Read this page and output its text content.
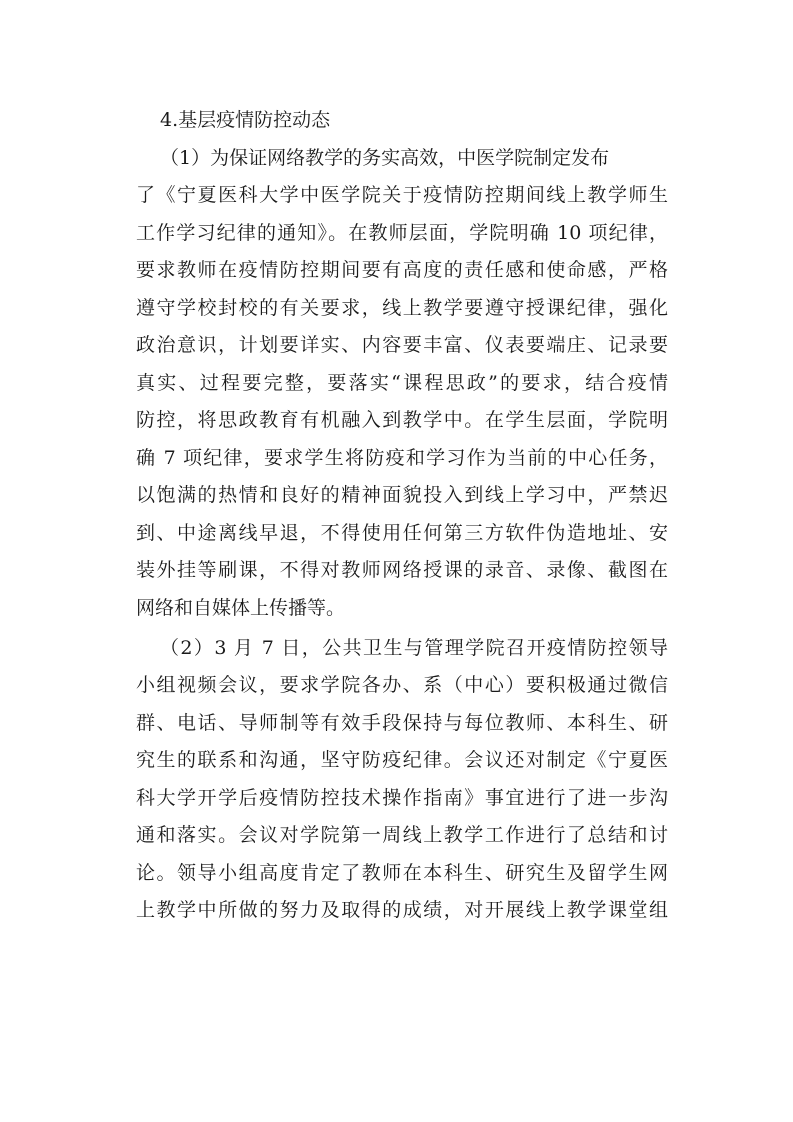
4.基层疫情防控动态
（1）为保证网络教学的务实高效，中医学院制定发布
了《宁夏医科大学中医学院关于疫情防控期间线上教学师生
工作学习纪律的通知》。在教师层面，学院明确 10 项纪律，
要求教师在疫情防控期间要有高度的责任感和使命感，严格
遵守学校封校的有关要求，线上教学要遵守授课纪律，强化
政治意识，计划要详实、内容要丰富、仪表要端庄、记录要
真实、过程要完整，要落实“课程思政”的要求，结合疫情
防控，将思政教育有机融入到教学中。在学生层面，学院明
确 7 项纪律，要求学生将防疫和学习作为当前的中心任务，
以饱满的热情和良好的精神面貌投入到线上学习中，严禁迟
到、中途离线早退，不得使用任何第三方软件伪造地址、安
装外挂等刷课，不得对教师网络授课的录音、录像、截图在
网络和自媒体上传播等。
（2）3 月 7 日，公共卫生与管理学院召开疫情防控领导
小组视频会议，要求学院各办、系（中心）要积极通过微信
群、电话、导师制等有效手段保持与每位教师、本科生、研
究生的联系和沟通，坚守防疫纪律。会议还对制定《宁夏医
科大学开学后疫情防控技术操作指南》事宜进行了进一步沟
通和落实。会议对学院第一周线上教学工作进行了总结和讨
论。领导小组高度肯定了教师在本科生、研究生及留学生网
上教学中所做的努力及取得的成绩，对开展线上教学课堂组
